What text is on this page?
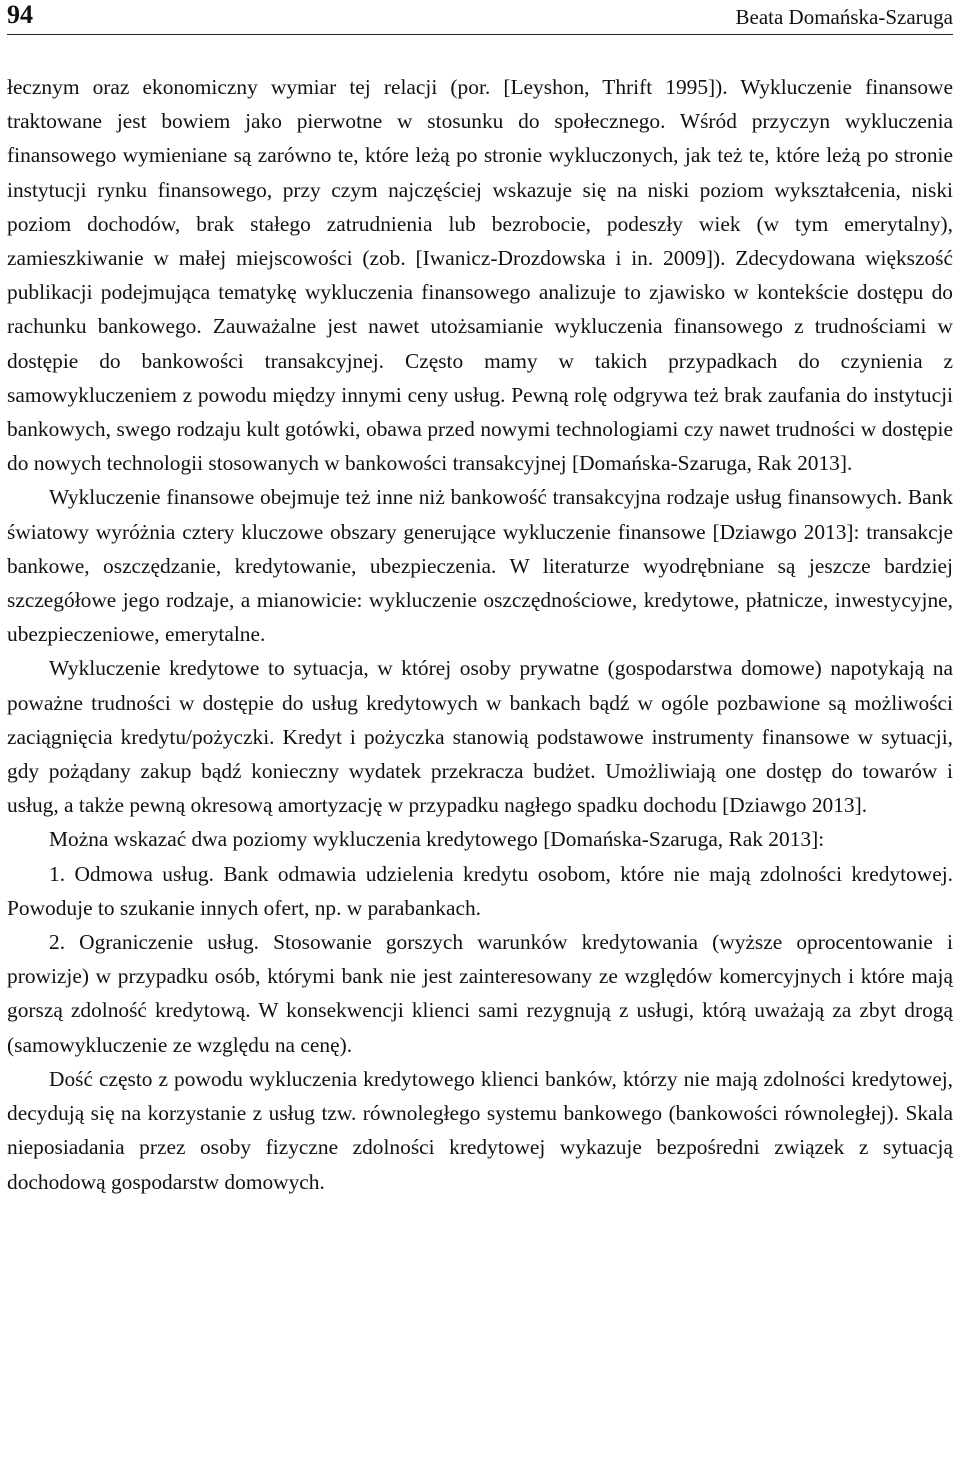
94	Beata Domańska-Szaruga

łecznym oraz ekonomiczny wymiar tej relacji (por. [Leyshon, Thrift 1995]). Wykluczenie finansowe traktowane jest bowiem jako pierwotne w stosunku do społecznego. Wśród przyczyn wykluczenia finansowego wymieniane są zarówno te, które leżą po stronie wykluczonych, jak też te, które leżą po stronie instytucji rynku finansowego, przy czym najczęściej wskazuje się na niski poziom wykształcenia, niski poziom dochodów, brak stałego zatrudnienia lub bezrobocie, podeszły wiek (w tym emerytalny), zamieszkiwanie w małej miejscowości (zob. [Iwanicz-Drozdowska i in. 2009]). Zdecydowana większość publikacji podejmująca tematykę wykluczenia finansowego analizuje to zjawisko w kontekście dostępu do rachunku bankowego. Zauważalne jest nawet utożsamianie wykluczenia finansowego z trudnościami w dostępie do bankowości transakcyjnej. Często mamy w takich przypadkach do czynienia z samowykluczeniem z powodu między innymi ceny usług. Pewną rolę odgrywa też brak zaufania do instytucji bankowych, swego rodzaju kult gotówki, obawa przed nowymi technologiami czy nawet trudności w dostępie do nowych technologii stosowanych w bankowości transakcyjnej [Domańska-Szaruga, Rak 2013].

Wykluczenie finansowe obejmuje też inne niż bankowość transakcyjna rodzaje usług finansowych. Bank światowy wyróżnia cztery kluczowe obszary generujące wykluczenie finansowe [Dziawgo 2013]: transakcje bankowe, oszczędzanie, kredytowanie, ubezpieczenia. W literaturze wyodrębniane są jeszcze bardziej szczegółowe jego rodzaje, a mianowicie: wykluczenie oszczędnościowe, kredytowe, płatnicze, inwestycyjne, ubezpieczeniowe, emerytalne.

Wykluczenie kredytowe to sytuacja, w której osoby prywatne (gospodarstwa domowe) napotykają na poważne trudności w dostępie do usług kredytowych w bankach bądź w ogóle pozbawione są możliwości zaciągnięcia kredytu/pożyczki. Kredyt i pożyczka stanowią podstawowe instrumenty finansowe w sytuacji, gdy pożądany zakup bądź konieczny wydatek przekracza budżet. Umożliwiają one dostęp do towarów i usług, a także pewną okresową amortyzację w przypadku nagłego spadku dochodu [Dziawgo 2013].

Można wskazać dwa poziomy wykluczenia kredytowego [Domańska-Szaruga, Rak 2013]:

1. Odmowa usług. Bank odmawia udzielenia kredytu osobom, które nie mają zdolności kredytowej. Powoduje to szukanie innych ofert, np. w parabankach.

2. Ograniczenie usług. Stosowanie gorszych warunków kredytowania (wyższe oprocentowanie i prowizje) w przypadku osób, którymi bank nie jest zainteresowany ze względów komercyjnych i które mają gorszą zdolność kredytową. W konsekwencji klienci sami rezygnują z usługi, którą uważają za zbyt drogą (samowykluczenie ze względu na cenę).

Dość często z powodu wykluczenia kredytowego klienci banków, którzy nie mają zdolności kredytowej, decydują się na korzystanie z usług tzw. równoległego systemu bankowego (bankowości równoległej). Skala nieposiadania przez osoby fizyczne zdolności kredytowej wykazuje bezpośredni związek z sytuacją dochodową gospodarstw domowych.
